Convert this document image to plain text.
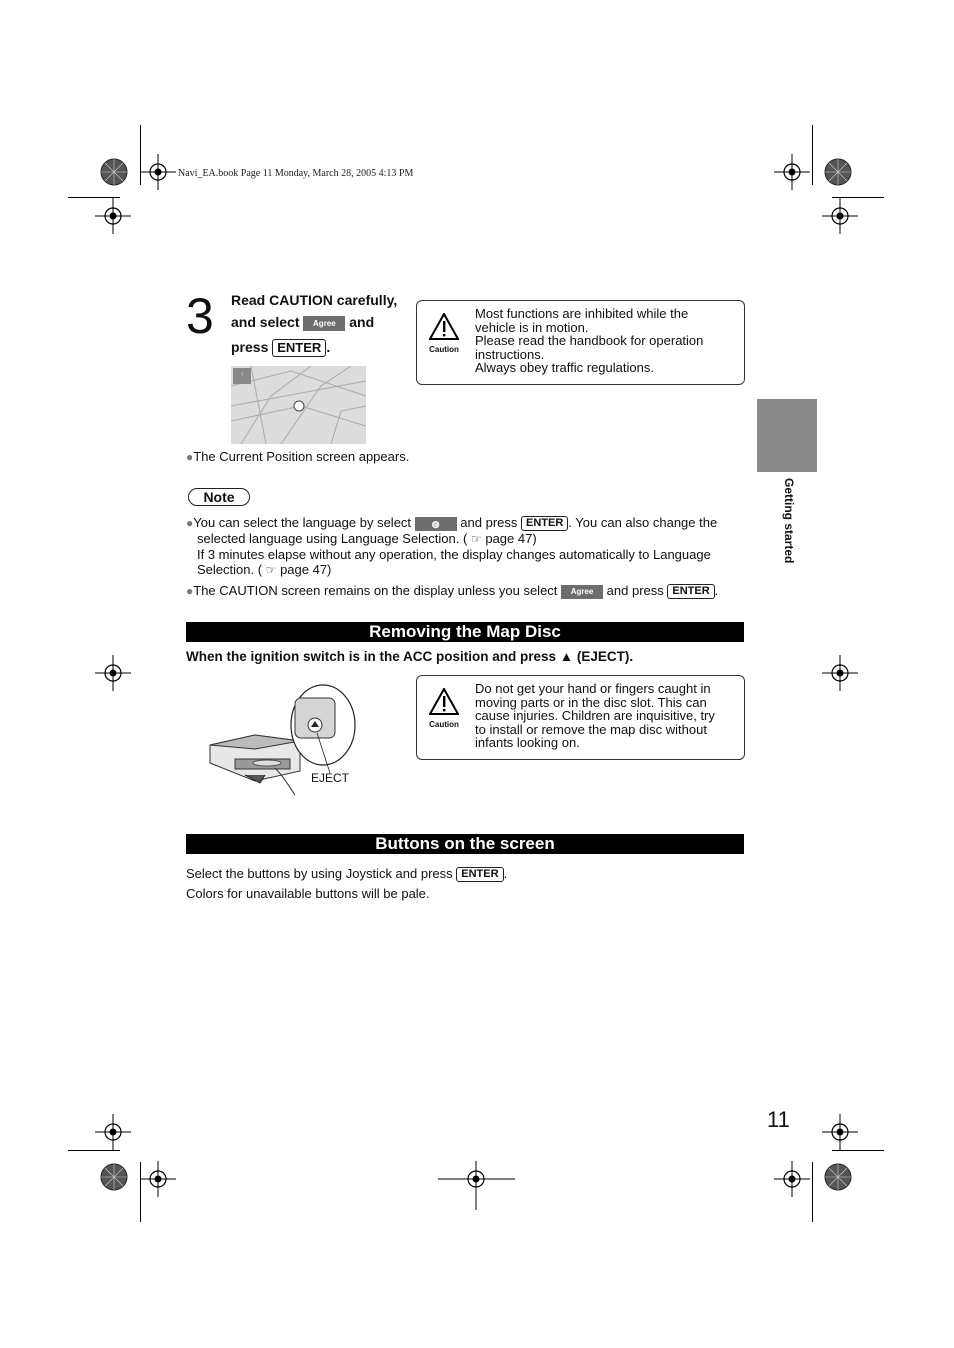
Navi_EA.book Page 11 Monday, March 28, 2005 4:13 PM
3 Read CAUTION carefully,
and select Agree and
press ENTER .
↓
Caution
Most functions are inhibited while the
vehicle is in motion.
Please read the handbook for operation
instructions.
Always obey traffic regulations.
●The Current Position screen appears.
Note
●You can select the language by select ◍ and press ENTER . You can also change the
selected language using Language Selection. ( ☞ page 47)
If 3 minutes elapse without any operation, the display changes automatically to Language
Selection. ( ☞ page 47)
●The CAUTION screen remains on the display unless you select Agree and press ENTER .
Removing the Map Disc
When the ignition switch is in the ACC position and press ▲ (EJECT).
EJECT
Caution
Do not get your hand or fingers caught in
moving parts or in the disc slot. This can
cause injuries. Children are inquisitive, try
to install or remove the map disc without
infants looking on.
Buttons on the screen
Select the buttons by using Joystick and press ENTER .
Colors for unavailable buttons will be pale.
Getting started
11
